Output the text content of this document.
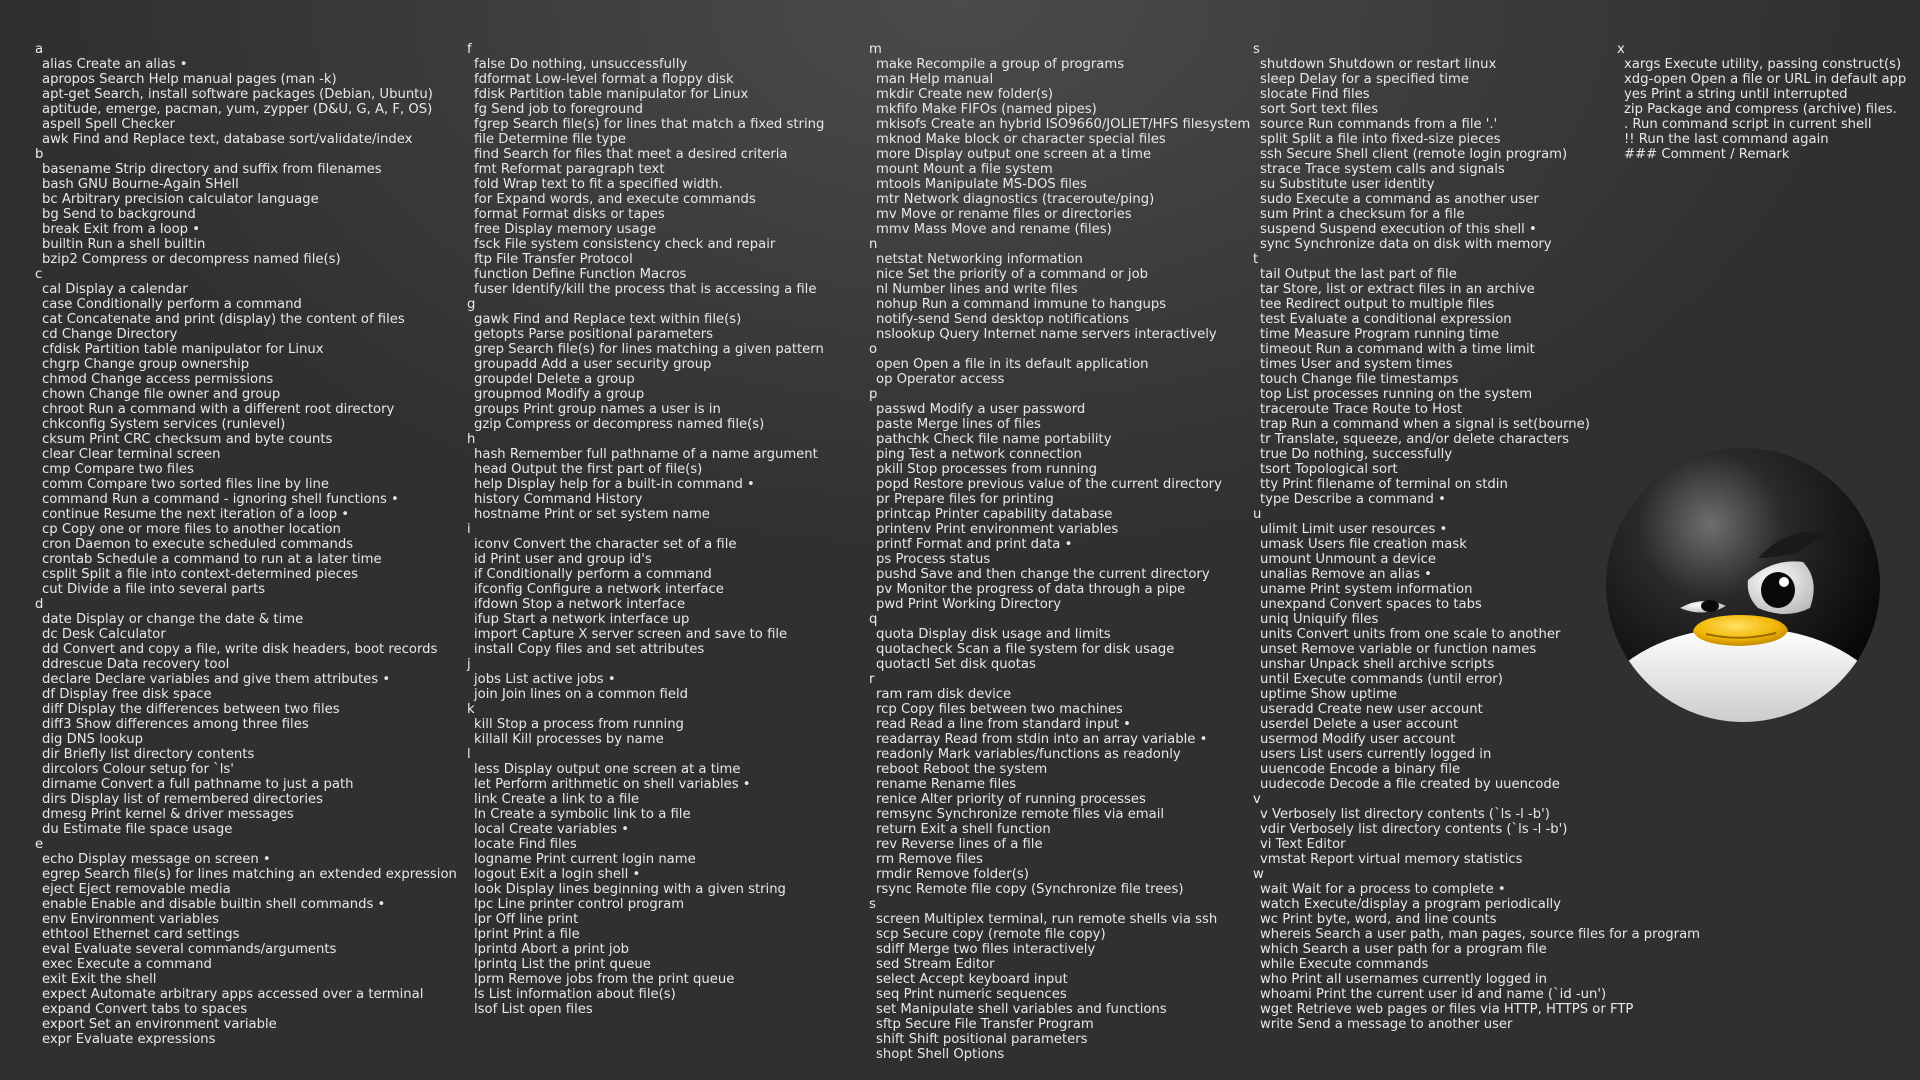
a
alias Create an alias •
apropos Search Help manual pages (man -k)
apt-get Search, install software packages (Debian, Ubuntu)
aptitude, emerge, pacman, yum, zypper (D&U, G, A, F, OS)
aspell Spell Checker
awk Find and Replace text, database sort/validate/index
b
basename Strip directory and suffix from filenames
bash GNU Bourne-Again SHell
bc Arbitrary precision calculator language
bg Send to background
break Exit from a loop •
builtin Run a shell builtin
bzip2 Compress or decompress named file(s)
c
cal Display a calendar
case Conditionally perform a command
cat Concatenate and print (display) the content of files
cd Change Directory
cfdisk Partition table manipulator for Linux
chgrp Change group ownership
chmod Change access permissions
chown Change file owner and group
chroot Run a command with a different root directory
chkconfig System services (runlevel)
cksum Print CRC checksum and byte counts
clear Clear terminal screen
cmp Compare two files
comm Compare two sorted files line by line
command Run a command - ignoring shell functions •
continue Resume the next iteration of a loop •
cp Copy one or more files to another location
cron Daemon to execute scheduled commands
crontab Schedule a command to run at a later time
csplit Split a file into context-determined pieces
cut Divide a file into several parts
d
date Display or change the date & time
dc Desk Calculator
dd Convert and copy a file, write disk headers, boot records
ddrescue Data recovery tool
declare Declare variables and give them attributes •
df Display free disk space
diff Display the differences between two files
diff3 Show differences among three files
dig DNS lookup
dir Briefly list directory contents
dircolors Colour setup for `ls'
dirname Convert a full pathname to just a path
dirs Display list of remembered directories
dmesg Print kernel & driver messages
du Estimate file space usage
e
echo Display message on screen •
egrep Search file(s) for lines matching an extended expression
eject Eject removable media
enable Enable and disable builtin shell commands •
env Environment variables
ethtool Ethernet card settings
eval Evaluate several commands/arguments
exec Execute a command
exit Exit the shell
expect Automate arbitrary apps accessed over a terminal
expand Convert tabs to spaces
export Set an environment variable
expr Evaluate expressions
f
false Do nothing, unsuccessfully
fdformat Low-level format a floppy disk
fdisk Partition table manipulator for Linux
fg Send job to foreground
fgrep Search file(s) for lines that match a fixed string
file Determine file type
find Search for files that meet a desired criteria
fmt Reformat paragraph text
fold Wrap text to fit a specified width.
for Expand words, and execute commands
format Format disks or tapes
free Display memory usage
fsck File system consistency check and repair
ftp File Transfer Protocol
function Define Function Macros
fuser Identify/kill the process that is accessing a file
g
gawk Find and Replace text within file(s)
getopts Parse positional parameters
grep Search file(s) for lines matching a given pattern
groupadd Add a user security group
groupdel Delete a group
groupmod Modify a group
groups Print group names a user is in
gzip Compress or decompress named file(s)
h
hash Remember full pathname of a name argument
head Output the first part of file(s)
help Display help for a built-in command •
history Command History
hostname Print or set system name
i
iconv Convert the character set of a file
id Print user and group id's
if Conditionally perform a command
ifconfig Configure a network interface
ifdown Stop a network interface
ifup Start a network interface up
import Capture X server screen and save to file
install Copy files and set attributes
j
jobs List active jobs •
join Join lines on a common field
k
kill Stop a process from running
killall Kill processes by name
l
less Display output one screen at a time
let Perform arithmetic on shell variables •
link Create a link to a file
ln Create a symbolic link to a file
local Create variables •
locate Find files
logname Print current login name
logout Exit a login shell •
look Display lines beginning with a given string
lpc Line printer control program
lpr Off line print
lprint Print a file
lprintd Abort a print job
lprintq List the print queue
lprm Remove jobs from the print queue
ls List information about file(s)
lsof List open files
m
make Recompile a group of programs
man Help manual
mkdir Create new folder(s)
mkfifo Make FIFOs (named pipes)
mkisofs Create an hybrid ISO9660/JOLIET/HFS filesystem
mknod Make block or character special files
more Display output one screen at a time
mount Mount a file system
mtools Manipulate MS-DOS files
mtr Network diagnostics (traceroute/ping)
mv Move or rename files or directories
mmv Mass Move and rename (files)
n
netstat Networking information
nice Set the priority of a command or job
nl Number lines and write files
nohup Run a command immune to hangups
notify-send Send desktop notifications
nslookup Query Internet name servers interactively
o
open Open a file in its default application
op Operator access
p
passwd Modify a user password
paste Merge lines of files
pathchk Check file name portability
ping Test a network connection
pkill Stop processes from running
popd Restore previous value of the current directory
pr Prepare files for printing
printcap Printer capability database
printenv Print environment variables
printf Format and print data •
ps Process status
pushd Save and then change the current directory
pv Monitor the progress of data through a pipe
pwd Print Working Directory
q
quota Display disk usage and limits
quotacheck Scan a file system for disk usage
quotactl Set disk quotas
r
ram ram disk device
rcp Copy files between two machines
read Read a line from standard input •
readarray Read from stdin into an array variable •
readonly Mark variables/functions as readonly
reboot Reboot the system
rename Rename files
renice Alter priority of running processes
remsync Synchronize remote files via email
return Exit a shell function
rev Reverse lines of a file
rm Remove files
rmdir Remove folder(s)
rsync Remote file copy (Synchronize file trees)
s
screen Multiplex terminal, run remote shells via ssh
scp Secure copy (remote file copy)
sdiff Merge two files interactively
sed Stream Editor
select Accept keyboard input
seq Print numeric sequences
set Manipulate shell variables and functions
sftp Secure File Transfer Program
shift Shift positional parameters
shopt Shell Options
s
shutdown Shutdown or restart linux
sleep Delay for a specified time
slocate Find files
sort Sort text files
source Run commands from a file '.'
split Split a file into fixed-size pieces
ssh Secure Shell client (remote login program)
strace Trace system calls and signals
su Substitute user identity
sudo Execute a command as another user
sum Print a checksum for a file
suspend Suspend execution of this shell •
sync Synchronize data on disk with memory
t
tail Output the last part of file
tar Store, list or extract files in an archive
tee Redirect output to multiple files
test Evaluate a conditional expression
time Measure Program running time
timeout Run a command with a time limit
times User and system times
touch Change file timestamps
top List processes running on the system
traceroute Trace Route to Host
trap Run a command when a signal is set(bourne)
tr Translate, squeeze, and/or delete characters
true Do nothing, successfully
tsort Topological sort
tty Print filename of terminal on stdin
type Describe a command •
u
ulimit Limit user resources •
umask Users file creation mask
umount Unmount a device
unalias Remove an alias •
uname Print system information
unexpand Convert spaces to tabs
uniq Uniquify files
units Convert units from one scale to another
unset Remove variable or function names
unshar Unpack shell archive scripts
until Execute commands (until error)
uptime Show uptime
useradd Create new user account
userdel Delete a user account
usermod Modify user account
users List users currently logged in
uuencode Encode a binary file
uudecode Decode a file created by uuencode
v
v Verbosely list directory contents (`ls -l -b')
vdir Verbosely list directory contents (`ls -l -b')
vi Text Editor
vmstat Report virtual memory statistics
w
wait Wait for a process to complete •
watch Execute/display a program periodically
wc Print byte, word, and line counts
whereis Search a user path, man pages, source files for a program
which Search a user path for a program file
while Execute commands
who Print all usernames currently logged in
whoami Print the current user id and name (`id -un')
wget Retrieve web pages or files via HTTP, HTTPS or FTP
write Send a message to another user
x
xargs Execute utility, passing construct(s)
xdg-open Open a file or URL in default app
yes Print a string until interrupted
zip Package and compress (archive) files.
. Run command script in current shell
!! Run the last command again
### Comment / Remark
